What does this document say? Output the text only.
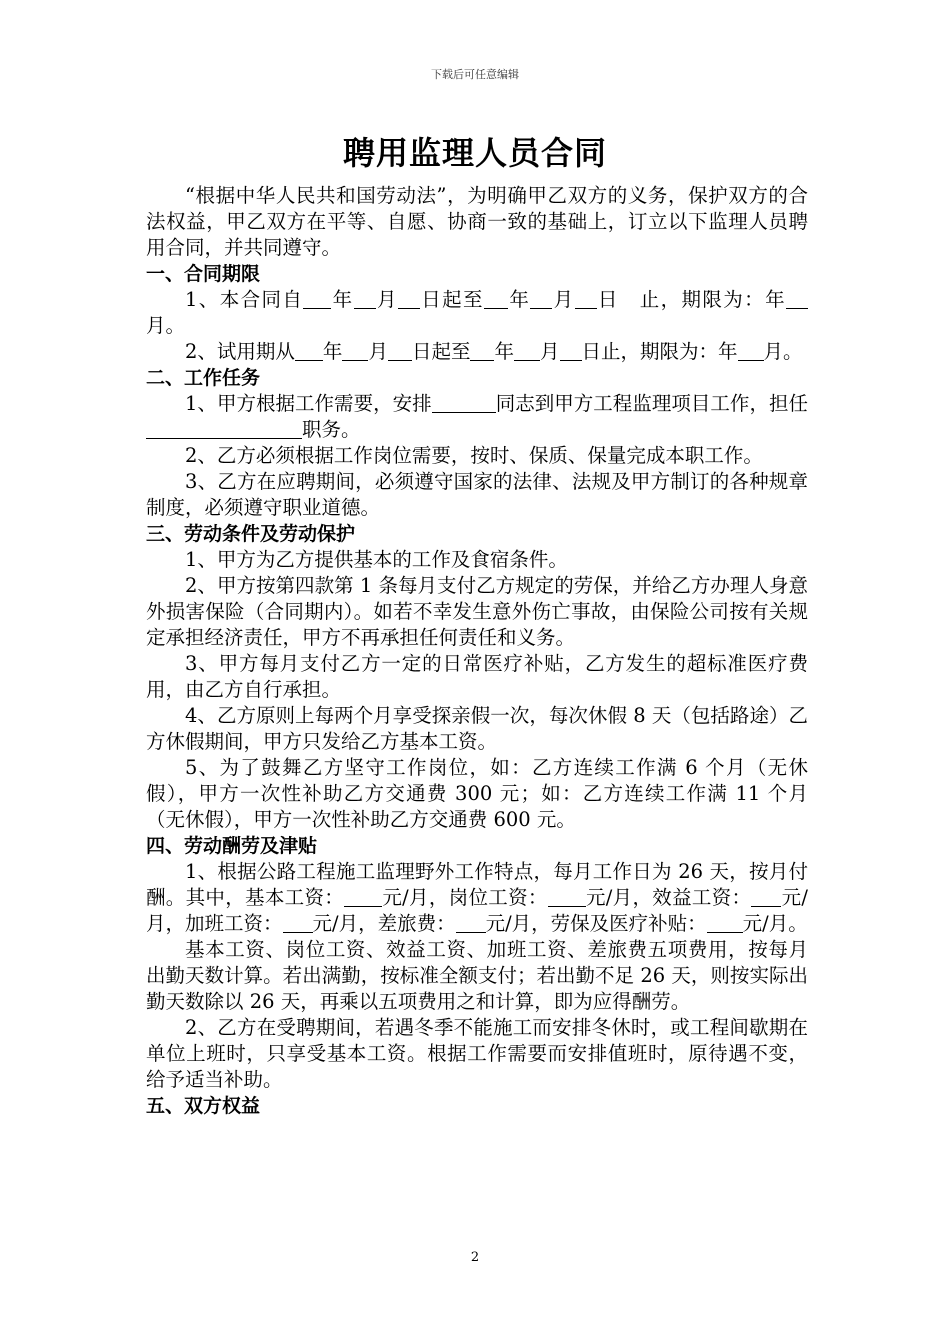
下载后可任意编辑
聘用监理人员合同

“根据中华人民共和国劳动法”，为明确甲乙双方的义务，保护双方的合法权益，甲乙双方在平等、自愿、协商一致的基础上，订立以下监理人员聘用合同，并共同遵守。

一、合同期限

1、本合同自 年 月 日起至 年 月 日　止，期限为：年月。

2、试用期从 年 月 日起至 年 月 日止，期限为：年 月。

二、工作任务

1、甲方根据工作需要，安排	同志到甲方工程监理项目工作，担任职务。

2、乙方必须根据工作岗位需要，按时、保质、保量完成本职工作。

3、乙方在应聘期间，必须遵守国家的法律、法规及甲方制订的各种规章制度，必须遵守职业道德。

三、劳动条件及劳动保护

1、甲方为乙方提供基本的工作及食宿条件。

2、甲方按第四款第 1 条每月支付乙方规定的劳保，并给乙方办理人身意外损害保险（合同期内）。如若不幸发生意外伤亡事故，由保险公司按有关规定承担经济责任，甲方不再承担任何责任和义务。

3、甲方每月支付乙方一定的日常医疗补贴，乙方发生的超标准医疗费用，由乙方自行承担。

4、乙方原则上每两个月享受探亲假一次，每次休假 8 天（包括路途）乙方休假期间，甲方只发给乙方基本工资。

5、为了鼓舞乙方坚守工作岗位，如：乙方连续工作满 6 个月（无休假），甲方一次性补助乙方交通费 300 元；如：乙方连续工作满 11 个月（无休假），甲方一次性补助乙方交通费 600 元。

四、劳动酬劳及津贴

1、根据公路工程施工监理野外工作特点，每月工作日为 26 天，按月付酬。其中，基本工资： 元/月，岗位工资： 元/月，效益工资： 元/月，加班工资： 元/月，差旅费： 元/月，劳保及医疗补贴： 元/月。

基本工资、岗位工资、效益工资、加班工资、差旅费五项费用，按每月出勤天数计算。若出满勤，按标准全额支付；若出勤不足 26 天，则按实际出勤天数除以 26 天，再乘以五项费用之和计算，即为应得酬劳。

2、乙方在受聘期间，若遇冬季不能施工而安排冬休时，或工程间歇期在单位上班时，只享受基本工资。根据工作需要而安排值班时，原待遇不变，给予适当补助。

五、双方权益

2
